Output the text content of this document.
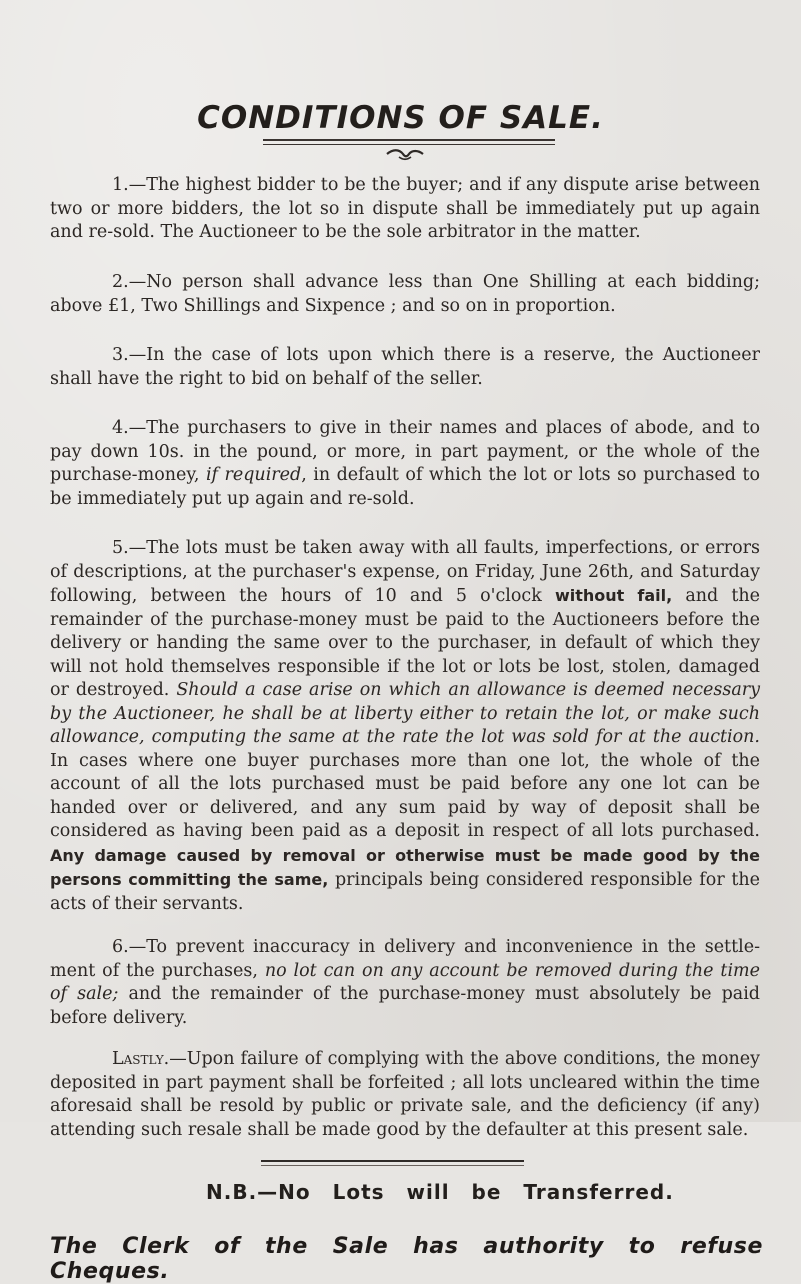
CONDITIONS OF SALE.

1.—The highest bidder to be the buyer; and if any dispute arise between two or more bidders, the lot so in dispute shall be immediately put up again and re-sold. The Auctioneer to be the sole arbitrator in the matter.

2.—No person shall advance less than One Shilling at each bidding; above £1, Two Shillings and Sixpence ; and so on in proportion.

3.—In the case of lots upon which there is a reserve, the Auctioneer shall have the right to bid on behalf of the seller.

4.—The purchasers to give in their names and places of abode, and to pay down 10s. in the pound, or more, in part payment, or the whole of the purchase-money, if required, in default of which the lot or lots so purchased to be immediately put up again and re-sold.

5.—The lots must be taken away with all faults, imperfections, or errors of descriptions, at the purchaser's expense, on Friday, June 26th, and Saturday following, between the hours of 10 and 5 o'clock without fail, and the remainder of the purchase-money must be paid to the Auctioneers before the delivery or handing the same over to the purchaser, in default of which they will not hold themselves responsible if the lot or lots be lost, stolen, damaged or destroyed. Should a case arise on which an allowance is deemed necessary by the Auctioneer, he shall be at liberty either to retain the lot, or make such allowance, computing the same at the rate the lot was sold for at the auction. In cases where one buyer purchases more than one lot, the whole of the account of all the lots purchased must be paid before any one lot can be handed over or delivered, and any sum paid by way of deposit shall be considered as having been paid as a deposit in respect of all lots purchased. Any damage caused by removal or otherwise must be made good by the persons committing the same, principals being considered responsible for the acts of their servants.

6.—To prevent inaccuracy in delivery and inconvenience in the settle-ment of the purchases, no lot can on any account be removed during the time of sale; and the remainder of the purchase-money must absolutely be paid before delivery.

Lastly.—Upon failure of complying with the above conditions, the money deposited in part payment shall be forfeited ; all lots uncleared within the time aforesaid shall be resold by public or private sale, and the deficiency (if any) attending such resale shall be made good by the defaulter at this present sale.

N.B.—No Lots will be Transferred.
The Clerk of the Sale has authority to refuse Cheques.
